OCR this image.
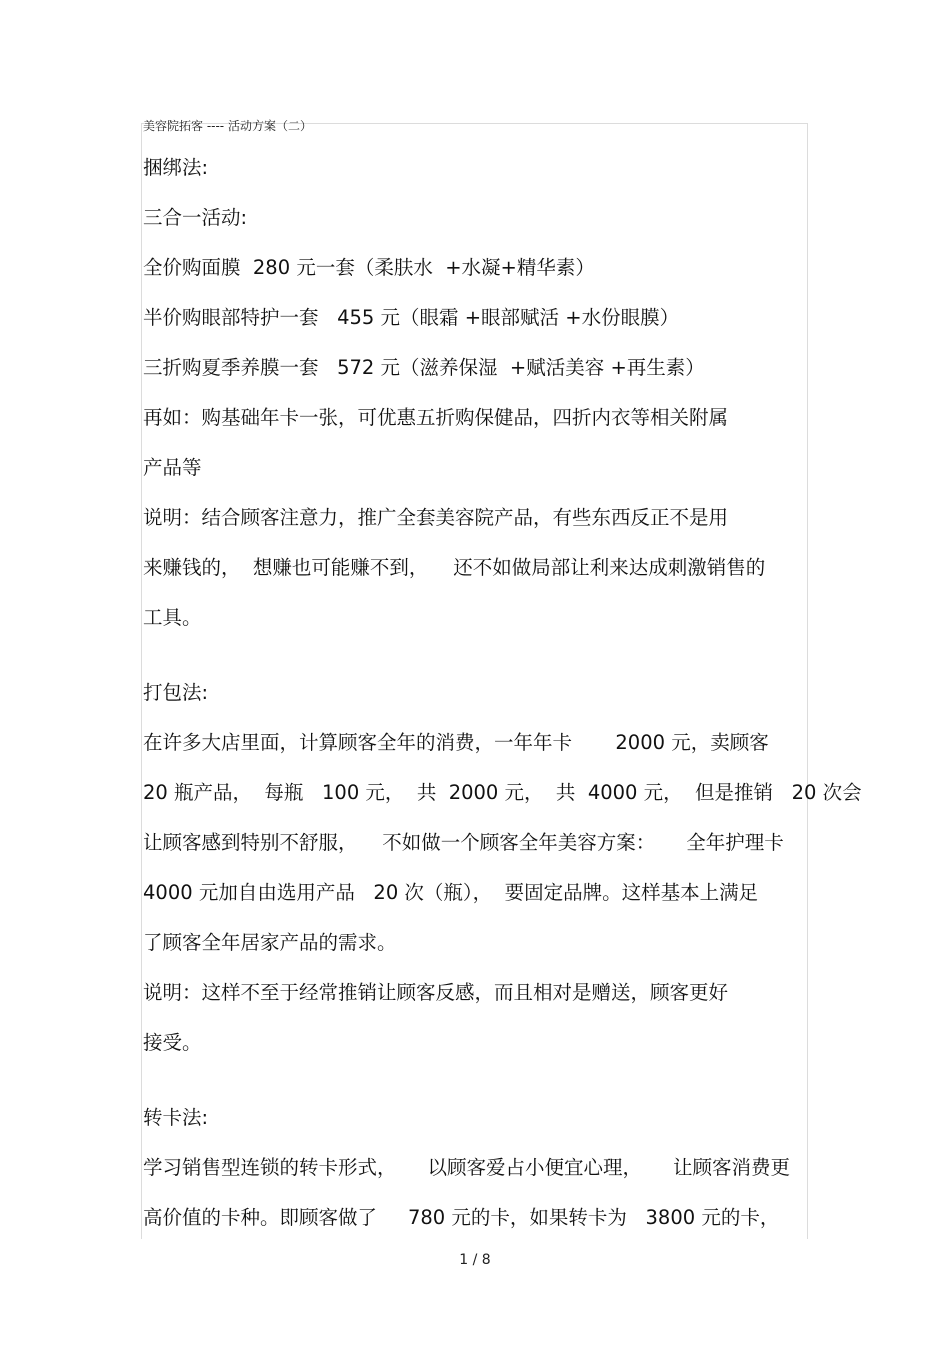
美容院拓客 ---- 活动方案（二）
捆绑法:
三合一活动:
全价购面膜  280 元一套（柔肤水  +水凝+精华素）
半价购眼部特护一套   455 元（眼霜 +眼部赋活 +水份眼膜）
三折购夏季养膜一套   572 元（滋养保湿  +赋活美容 +再生素）
再如：购基础年卡一张，可优惠五折购保健品，四折内衣等相关附属
产品等
说明：结合顾客注意力，推广全套美容院产品，有些东西反正不是用
来赚钱的，  想赚也可能赚不到，    还不如做局部让利来达成刺激销售的
工具。
打包法:
在许多大店里面，计算顾客全年的消费，一年年卡       2000 元，卖顾客
20 瓶产品，  每瓶   100 元，  共  2000 元，  共  4000 元，  但是推销   20 次会
让顾客感到特别不舒服，    不如做一个顾客全年美容方案：     全年护理卡
4000 元加自由选用产品   20 次（瓶），  要固定品牌。这样基本上满足
了顾客全年居家产品的需求。
说明：这样不至于经常推销让顾客反感，而且相对是赠送，顾客更好
接受。
转卡法:
学习销售型连锁的转卡形式，     以顾客爱占小便宜心理，     让顾客消费更
高价值的卡种。即顾客做了     780 元的卡，如果转卡为   3800 元的卡，
1 / 8
